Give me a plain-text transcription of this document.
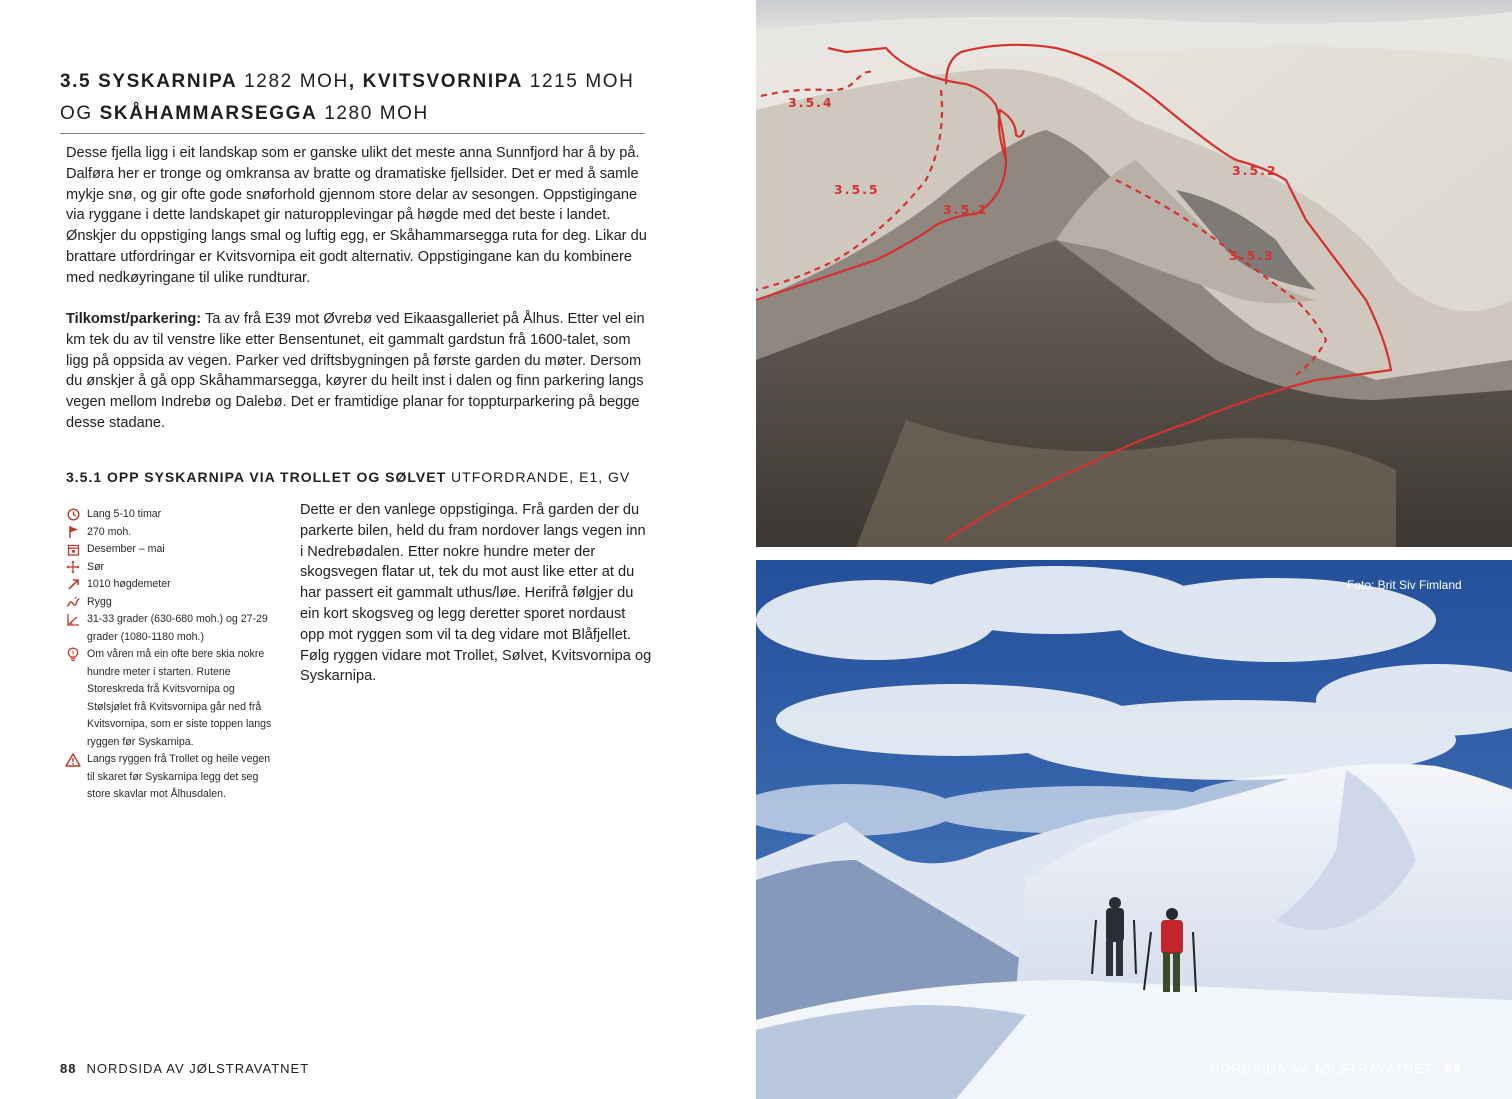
3.5 SYSKARNIPA 1282 MOH, KVITSVORNIPA 1215 MOH
OG SKÅHAMMARSEGGA 1280 MOH

Desse fjella ligg i eit landskap som er ganske ulikt det meste anna Sunnfjord har å by på. Dalføra her er tronge og omkransa av bratte og dramatiske fjellsider. Det er med å samle mykje snø, og gir ofte gode snøforhold gjennom store delar av sesongen. Oppstigingane via ryggane i dette landskapet gir naturopplevingar på høgde med det beste i landet. Ønskjer du oppstiging langs smal og luftig egg, er Skåhammarsegga ruta for deg. Likar du brattare utfordringar er Kvitsvornipa eit godt alternativ. Oppstigingane kan du kombinere med nedkøyringane til ulike rundturar.

Tilkomst/parkering: Ta av frå E39 mot Øvrebø ved Eikaasgalleriet på Ålhus. Etter vel ein km tek du av til venstre like etter Bensentunet, eit gammalt gardstun frå 1600-talet, som ligg på oppsida av vegen. Parker ved driftsbygningen på første garden du møter. Dersom du ønskjer å gå opp Skåhammarsegga, køyrer du heilt inst i dalen og finn parkering langs vegen mellom Indrebø og Dalebø. Det er framtidige planar for toppturparkering på begge desse stadane.

3.5.1 OPP SYSKARNIPA VIA TROLLET OG SØLVET UTFORDRANDE, E1, GV
Lang 5-10 timar
270 moh.
Desember – mai
Sør
1010 høgdemeter
Rygg
31-33 grader (630-680 moh.) og 27-29 grader (1080-1180 moh.)
Om våren må ein ofte bere skia nokre hundre meter i starten. Rutene Storeskreda frå Kvitsvornipa og Stølsjølet frå Kvitsvornipa går ned frå Kvitsvornipa, som er siste toppen langs ryggen før Syskarnipa.
Langs ryggen frå Trollet og heile vegen til skaret før Syskarnipa legg det seg store skavlar mot Ålhusdalen.

Dette er den vanlege oppstiginga. Frå garden der du parkerte bilen, held du fram nordover langs vegen inn i Nedrebødalen. Etter nokre hundre meter der skogsvegen flatar ut, tek du mot aust like etter at du har passert eit gammalt uthus/løe. Herifrå følgjer du ein kort skogsveg og legg deretter sporet nordaust opp mot ryggen som vil ta deg vidare mot Blåfjellet. Følg ryggen vidare mot Trollet, Sølvet, Kvitsvornipa og Syskarnipa.

88 NORDSIDA AV JØLSTRAVATNET
3.5.4
3.5.5
3.5.1
3.5.2
3.5.3
Foto: Brit Siv Fimland
NORDSIDA AV JØLSTRAVATNET 89
